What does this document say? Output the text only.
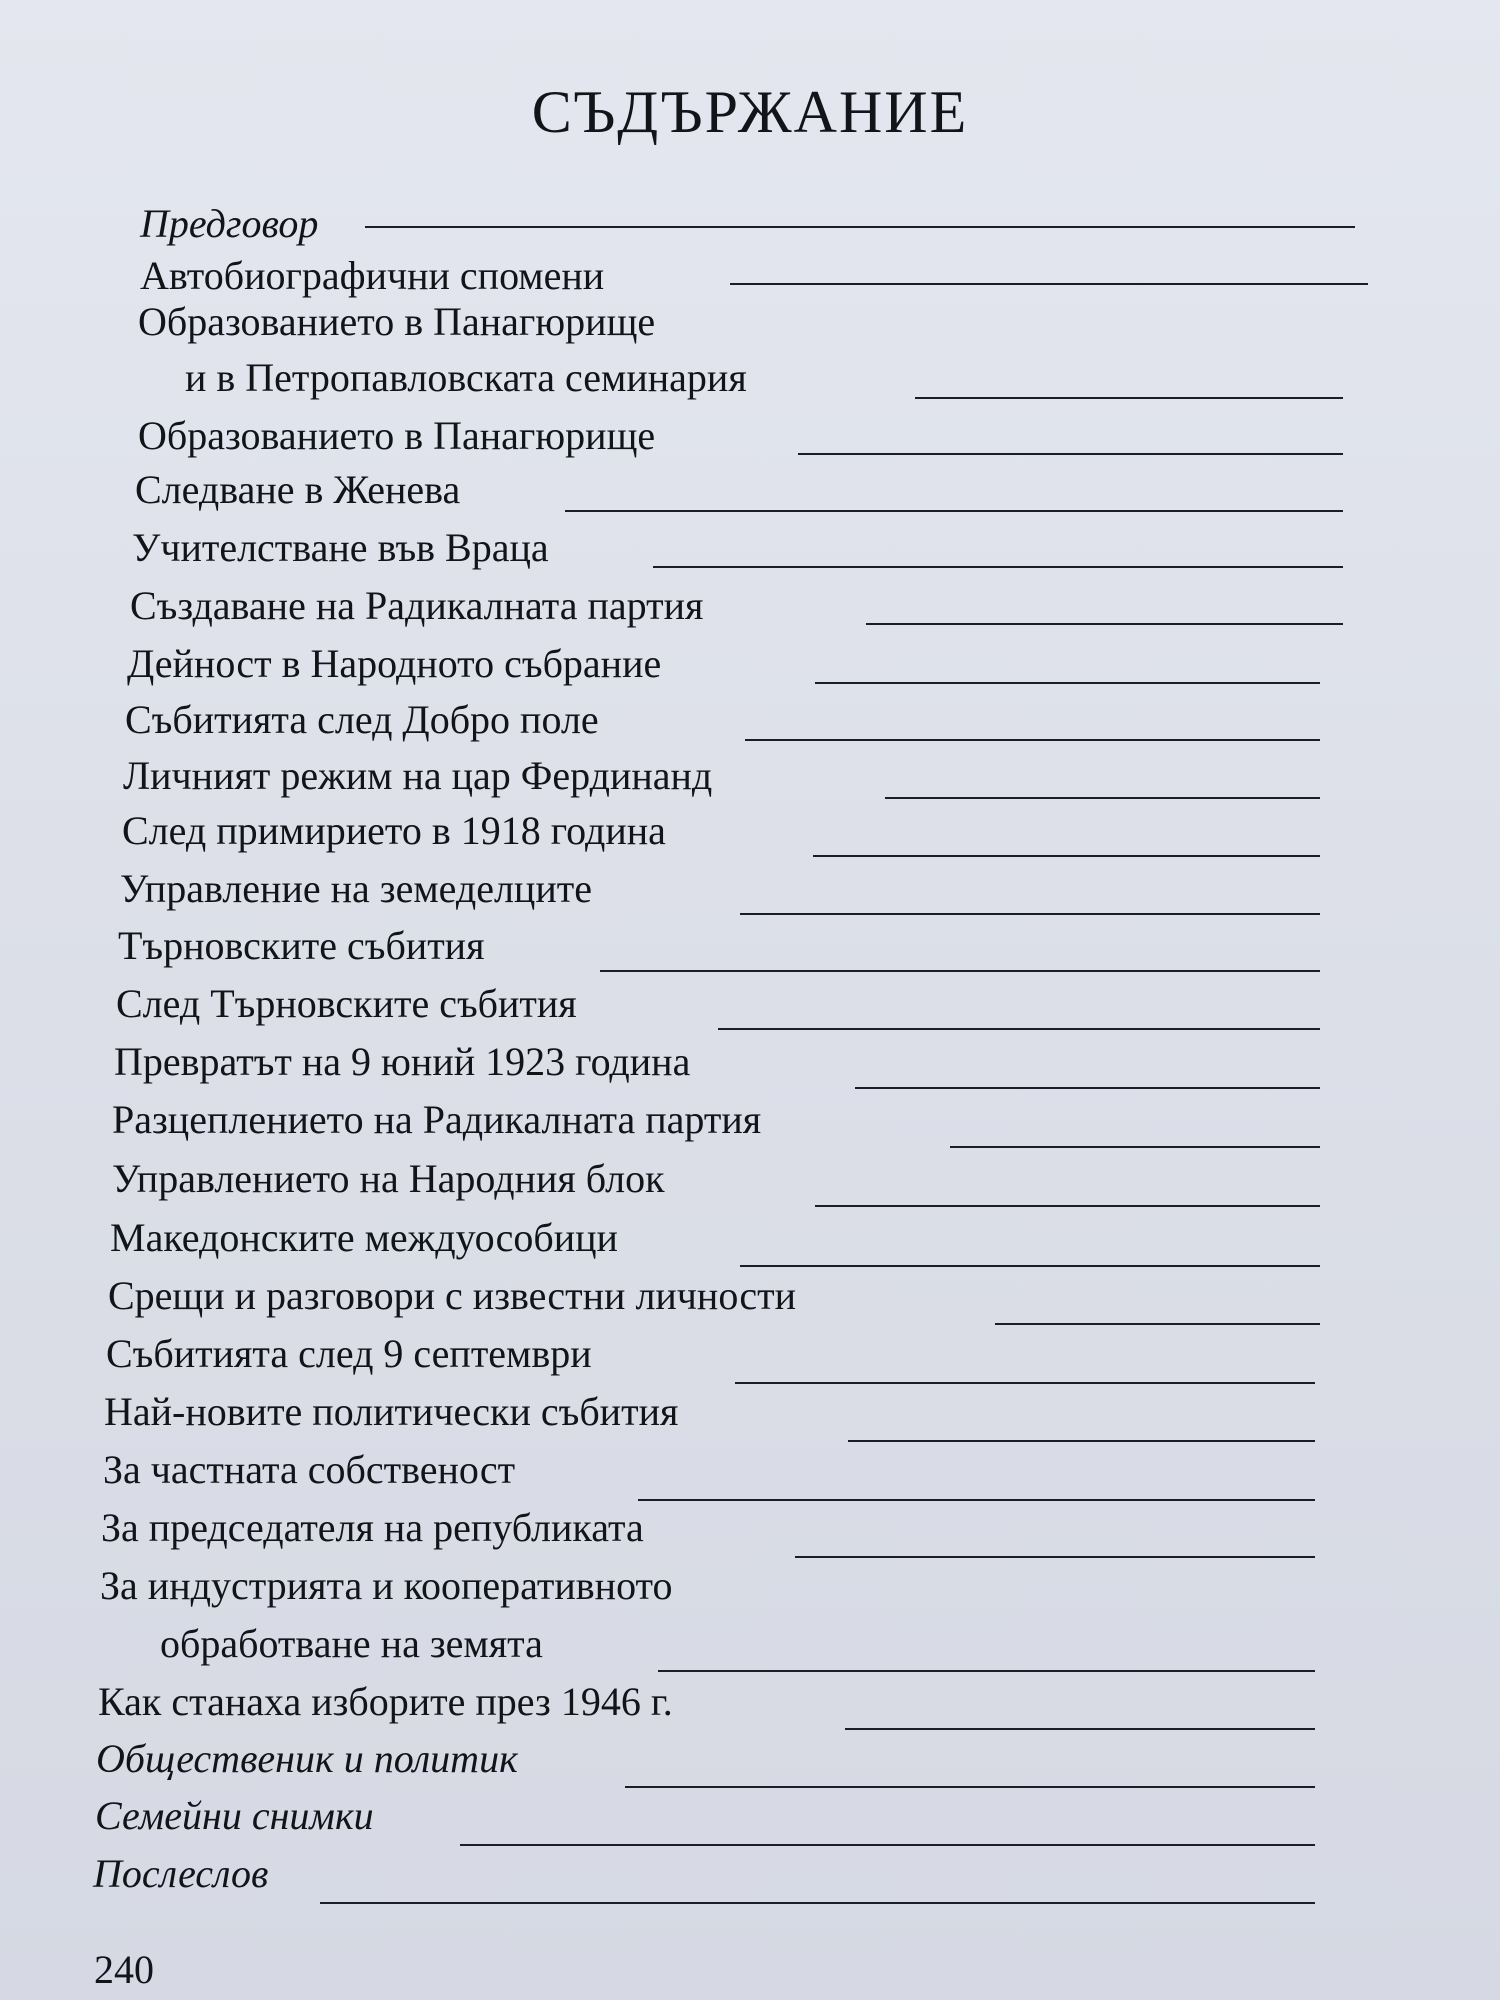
СЪДЪРЖАНИЕ
Предговор
Автобиографични спомени
Образованието в Панагюрище
и в Петропавловската семинария
Образованието в Панагюрище
Следване в Женева
Учителстване във Враца
Създаване на Радикалната партия
Дейност в Народното събрание
Събитията след Добро поле
Личният режим на цар Фердинанд
След примирието в 1918 година
Управление на земеделците
Търновските събития
След Търновските събития
Превратът на 9 юний 1923 година
Разцеплението на Радикалната партия
Управлението на Народния блок
Македонските междуособици
Срещи и разговори с известни личности
Събитията след 9 септември
Най-новите политически събития
За частната собственост
За председателя на републиката
За индустрията и кооперативното
обработване на земята
Как станаха изборите през 1946 г.
Общественик и политик
Семейни снимки
Послеслов
240
